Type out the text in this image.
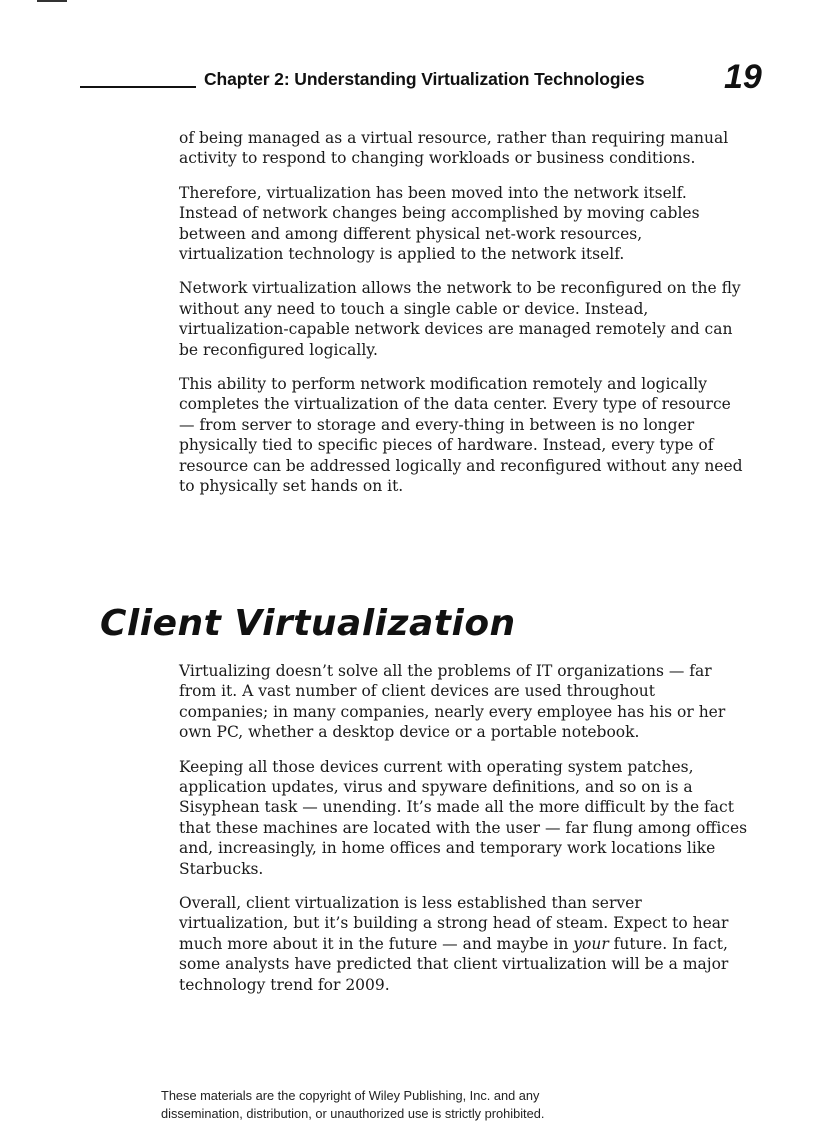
Chapter 2: Understanding Virtualization Technologies 19

of being managed as a virtual resource, rather than requiring manual activity to respond to changing workloads or business conditions.

Therefore, virtualization has been moved into the network itself. Instead of network changes being accomplished by moving cables between and among different physical net-work resources, virtualization technology is applied to the network itself.

Network virtualization allows the network to be reconfigured on the fly without any need to touch a single cable or device. Instead, virtualization-capable network devices are managed remotely and can be reconfigured logically.

This ability to perform network modification remotely and logically completes the virtualization of the data center. Every type of resource — from server to storage and every-thing in between is no longer physically tied to specific pieces of hardware. Instead, every type of resource can be addressed logically and reconfigured without any need to physically set hands on it.

Client Virtualization

Virtualizing doesn’t solve all the problems of IT organizations — far from it. A vast number of client devices are used throughout companies; in many companies, nearly every employee has his or her own PC, whether a desktop device or a portable notebook.

Keeping all those devices current with operating system patches, application updates, virus and spyware definitions, and so on is a Sisyphean task — unending. It’s made all the more difficult by the fact that these machines are located with the user — far flung among offices and, increasingly, in home offices and temporary work locations like Starbucks.

Overall, client virtualization is less established than server virtualization, but it’s building a strong head of steam. Expect to hear much more about it in the future — and maybe in your future. In fact, some analysts have predicted that client virtualization will be a major technology trend for 2009.

These materials are the copyright of Wiley Publishing, Inc. and any
dissemination, distribution, or unauthorized use is strictly prohibited.
